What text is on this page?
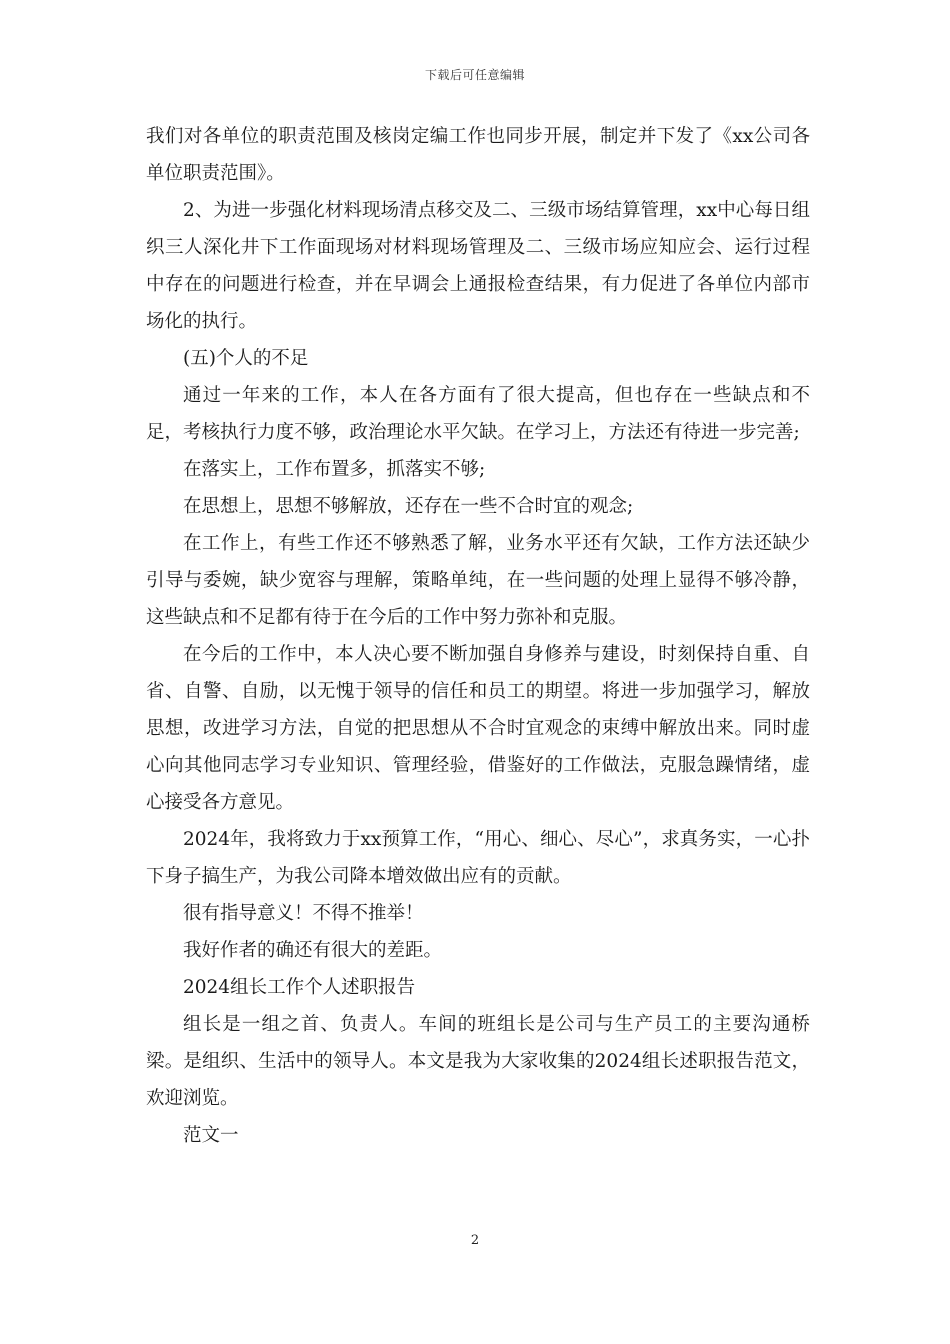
下载后可任意编辑

我们对各单位的职责范围及核岗定编工作也同步开展，制定并下发了《xx公司各单位职责范围》。

2、为进一步强化材料现场清点移交及二、三级市场结算管理，xx中心每日组织三人深化井下工作面现场对材料现场管理及二、三级市场应知应会、运行过程中存在的问题进行检查，并在早调会上通报检查结果，有力促进了各单位内部市场化的执行。

(五)个人的不足

通过一年来的工作，本人在各方面有了很大提高，但也存在一些缺点和不足，考核执行力度不够，政治理论水平欠缺。在学习上，方法还有待进一步完善;

在落实上，工作布置多，抓落实不够;

在思想上，思想不够解放，还存在一些不合时宜的观念;

在工作上，有些工作还不够熟悉了解，业务水平还有欠缺，工作方法还缺少引导与委婉，缺少宽容与理解，策略单纯，在一些问题的处理上显得不够冷静，这些缺点和不足都有待于在今后的工作中努力弥补和克服。

在今后的工作中，本人决心要不断加强自身修养与建设，时刻保持自重、自省、自警、自励，以无愧于领导的信任和员工的期望。将进一步加强学习，解放思想，改进学习方法，自觉的把思想从不合时宜观念的束缚中解放出来。同时虚心向其他同志学习专业知识、管理经验，借鉴好的工作做法，克服急躁情绪，虚心接受各方意见。

2024年，我将致力于xx预算工作，“用心、细心、尽心”，求真务实，一心扑下身子搞生产，为我公司降本增效做出应有的贡献。

很有指导意义！不得不推举！

我好作者的确还有很大的差距。

2024组长工作个人述职报告

组长是一组之首、负责人。车间的班组长是公司与生产员工的主要沟通桥梁。是组织、生活中的领导人。本文是我为大家收集的2024组长述职报告范文，欢迎浏览。

范文一

2
